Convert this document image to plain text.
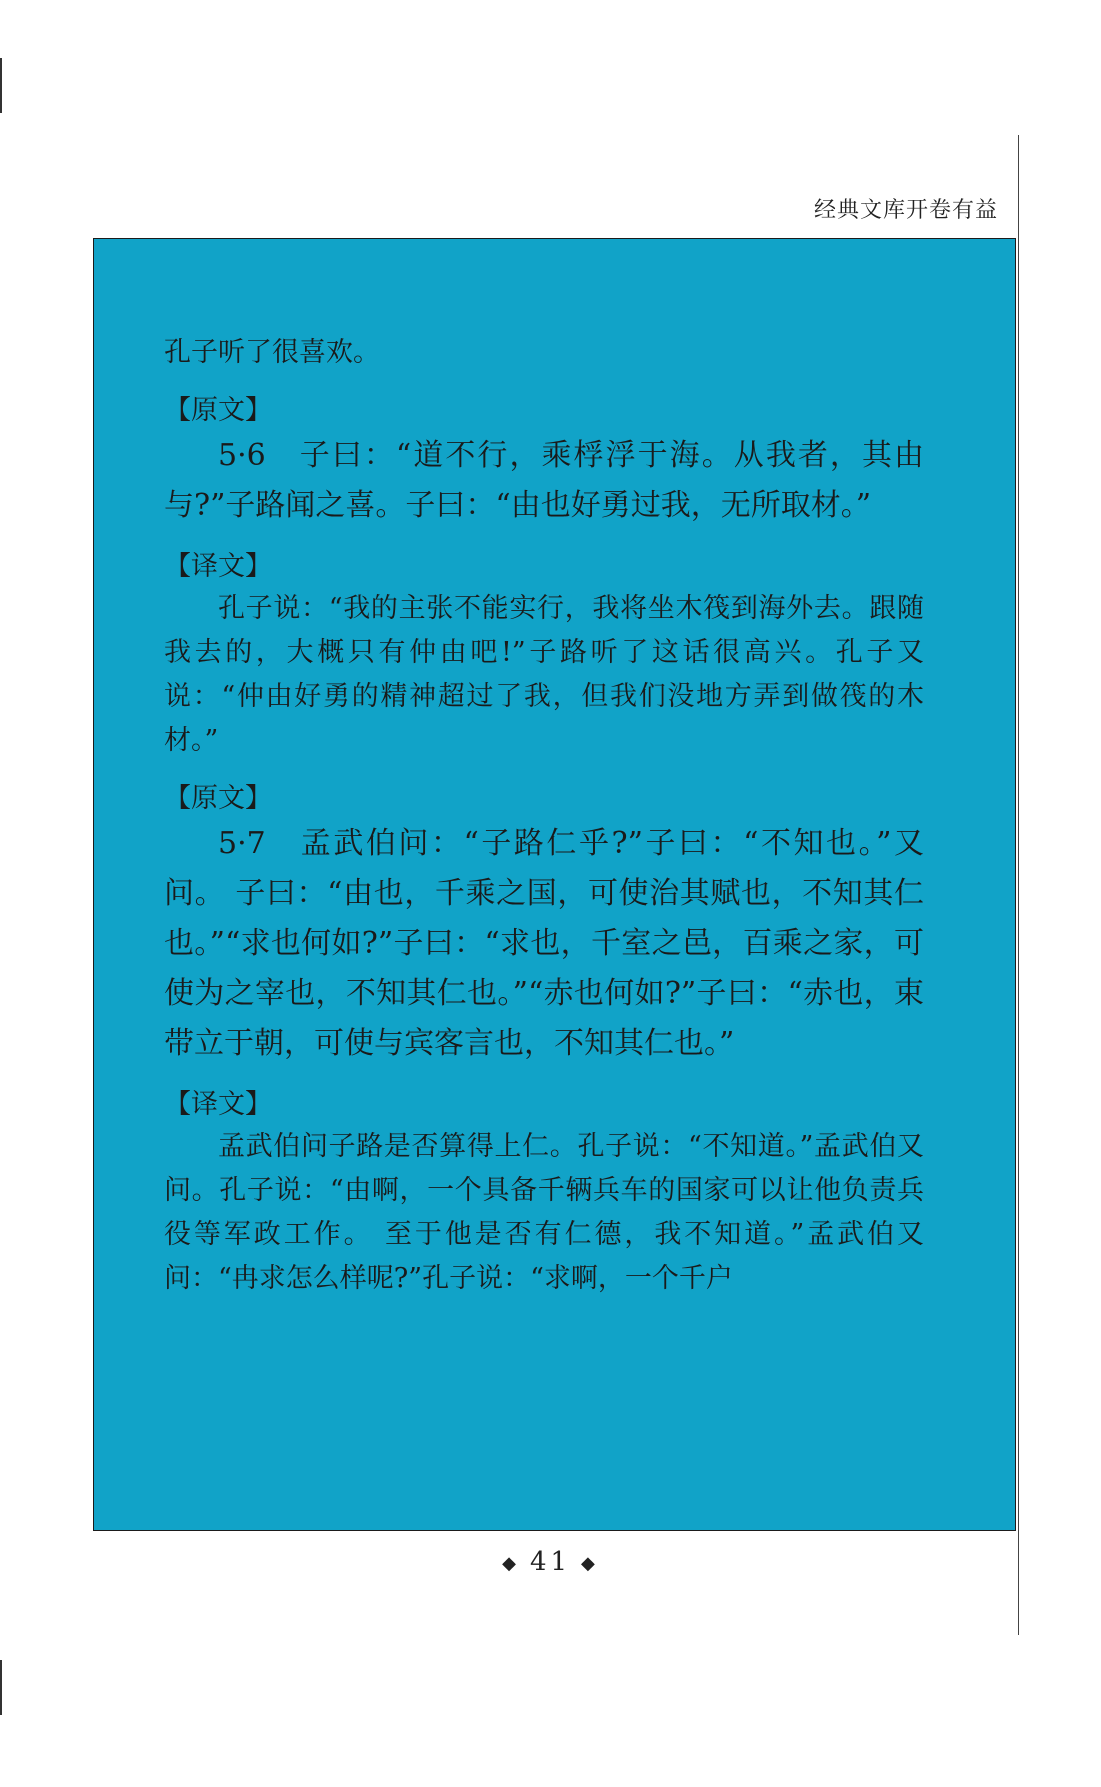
经典文库开卷有益

孔子听了很喜欢。

【原文】

5·6　子曰：“道不行，乘桴浮于海。从我者，其由与?”子路闻之喜。子曰：“由也好勇过我，无所取材。”

【译文】

孔子说：“我的主张不能实行，我将坐木筏到海外去。跟随我去的，大概只有仲由吧!”子路听了这话很高兴。孔子又说：“仲由好勇的精神超过了我，但我们没地方弄到做筏的木材。”

【原文】

5·7　孟武伯问：“子路仁乎?”子曰：“不知也。”又问。 子曰：“由也，千乘之国，可使治其赋也，不知其仁也。”“求也何如?”子曰：“求也，千室之邑，百乘之家，可使为之宰也，不知其仁也。”“赤也何如?”子曰：“赤也，束带立于朝，可使与宾客言也，不知其仁也。”

【译文】

孟武伯问子路是否算得上仁。孔子说：“不知道。”孟武伯又问。孔子说：“由啊，一个具备千辆兵车的国家可以让他负责兵役等军政工作。 至于他是否有仁德，我不知道。”孟武伯又问：“冉求怎么样呢?”孔子说：“求啊，一个千户

◆ 41 ◆
